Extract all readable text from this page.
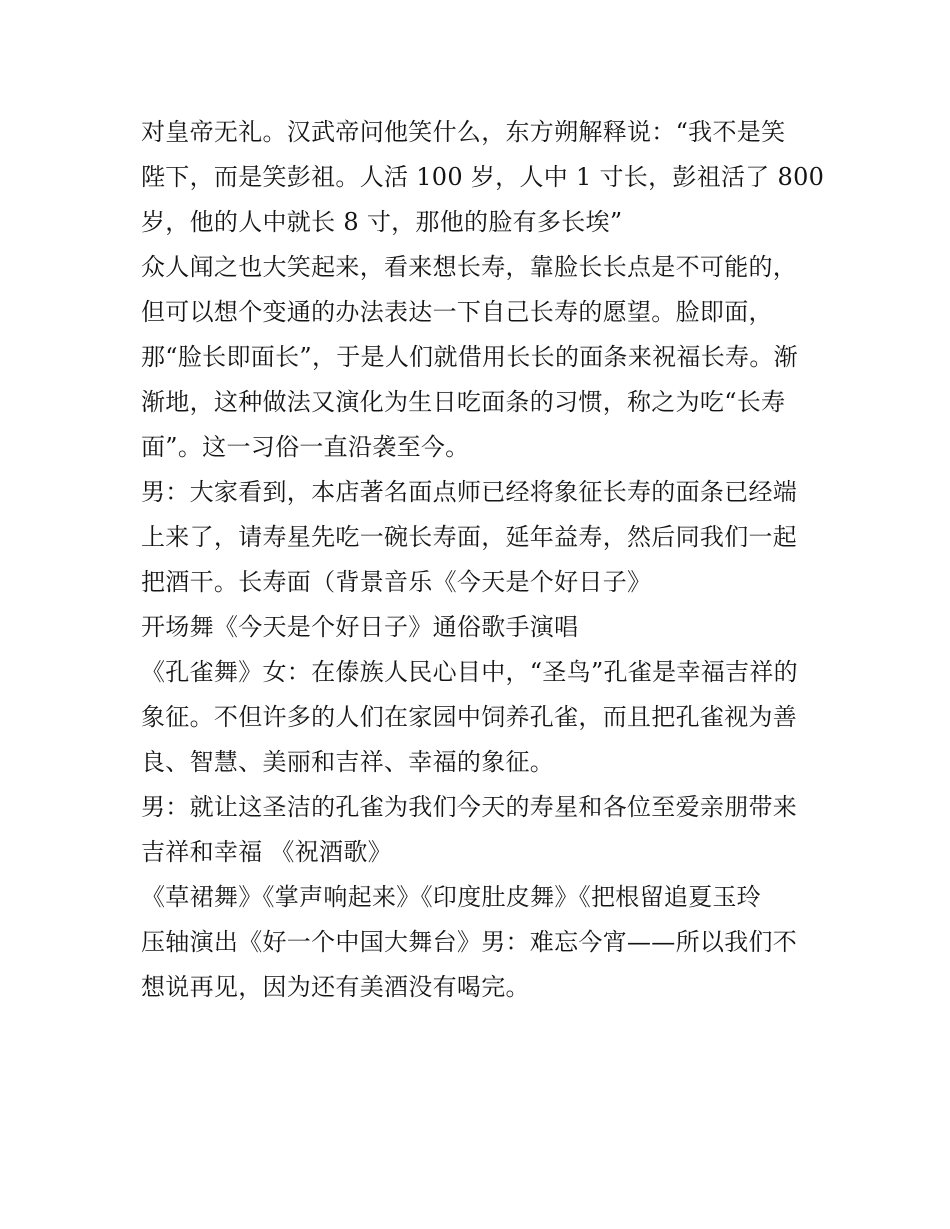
对皇帝无礼。汉武帝问他笑什么，东方朔解释说：“我不是笑
陛下，而是笑彭祖。人活 100 岁，人中 1 寸长，彭祖活了 800
岁，他的人中就长 8 寸，那他的脸有多长埃”
众人闻之也大笑起来，看来想长寿，靠脸长长点是不可能的，
但可以想个变通的办法表达一下自己长寿的愿望。脸即面，
那“脸长即面长”，于是人们就借用长长的面条来祝福长寿。渐
渐地，这种做法又演化为生日吃面条的习惯，称之为吃“长寿
面”。这一习俗一直沿袭至今。
男：大家看到，本店著名面点师已经将象征长寿的面条已经端
上来了，请寿星先吃一碗长寿面，延年益寿，然后同我们一起
把酒干。长寿面（背景音乐《今天是个好日子》
开场舞《今天是个好日子》通俗歌手演唱
《孔雀舞》女：在傣族人民心目中，“圣鸟”孔雀是幸福吉祥的
象征。不但许多的人们在家园中饲养孔雀，而且把孔雀视为善
良、智慧、美丽和吉祥、幸福的象征。
男：就让这圣洁的孔雀为我们今天的寿星和各位至爱亲朋带来
吉祥和幸福 《祝酒歌》
《草裙舞》《掌声响起来》《印度肚皮舞》《把根留追夏玉玲
压轴演出《好一个中国大舞台》男：难忘今宵——所以我们不
想说再见，因为还有美酒没有喝完。
